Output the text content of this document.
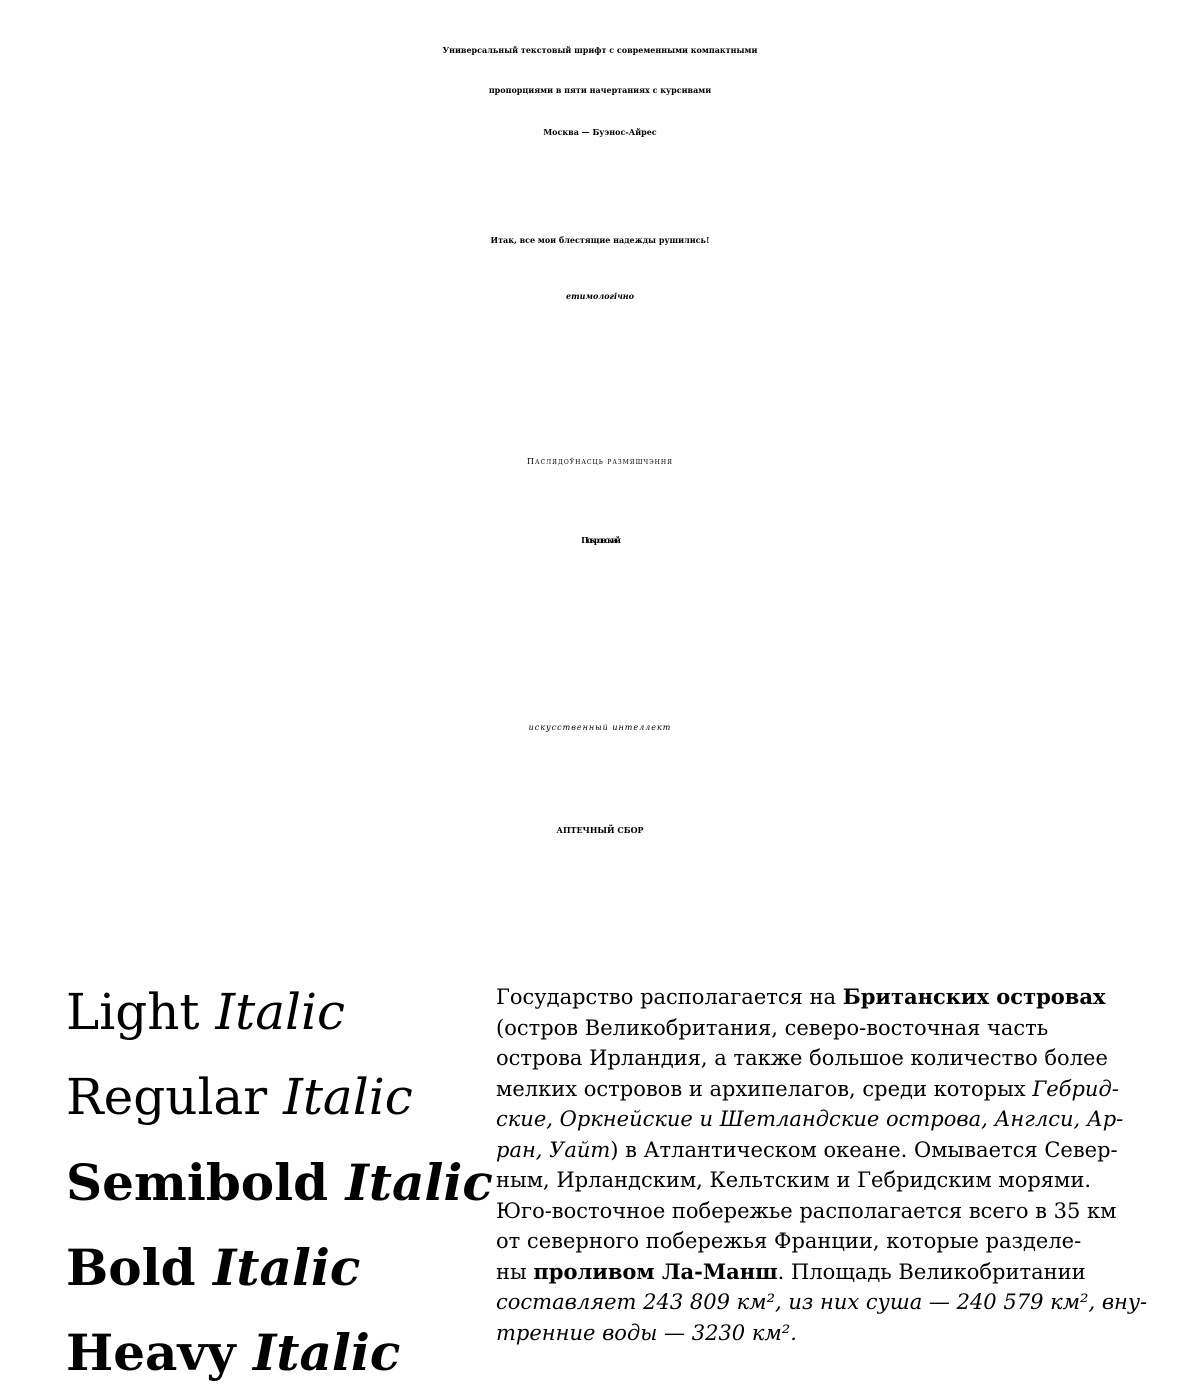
Универсальный текстовый шрифт с современными компактными
пропорциями в пяти начертаниях с курсивами
Москва — Буэнос-Айрес
Итак, все мои блестящие надежды рушились!
етимологiчно
Паслядоўнасць размяшчэння
Покровский
искусственный интеллект
АПТЕЧНЫЙ СБОР
Light Italic
Regular Italic
Semibold Italic
Bold Italic
Heavy Italic
Государство располагается на Британских островах
(остров Великобритания, северо-восточная часть
острова Ирландия, а также большое количество более
мелких островов и архипелагов, среди которых Гебрид-
ские, Оркнейские и Шетландские острова, Англси, Ар-
ран, Уайт) в Атлантическом океане. Омывается Север-
ным, Ирландским, Кельтским и Гебридским морями.
Юго-восточное побережье располагается всего в 35 км
от северного побережья Франции, которые разделе-
ны проливом Ла-Манш. Площадь Великобритании
составляет 243 809 км², из них суша — 240 579 км², вну-
тренние воды — 3230 км².
